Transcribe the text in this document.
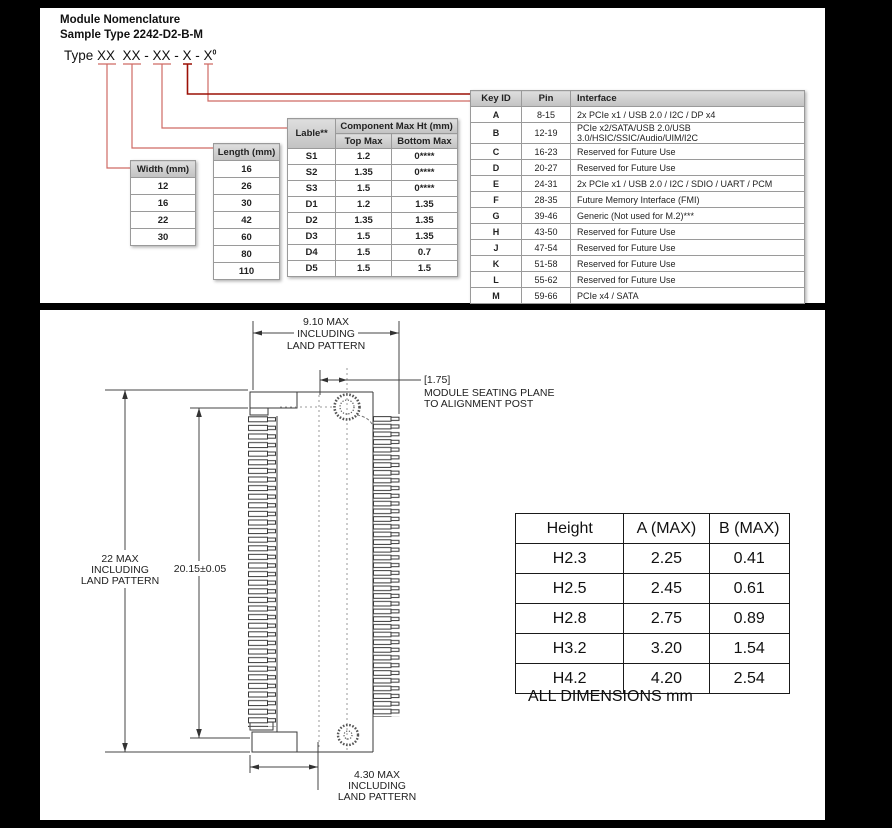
Module Nomenclature
Sample Type 2242-D2-B-M
Type XX  XX - XX - X - $X^0$
Width (mm)
12
16
22
30
Length (mm)
16
26
30
42
60
80
110
Lable**	Component Max Ht (mm)	
	Top Max	Bottom Max
S1	1.2	0****
S2	1.35	0****
S3	1.5	0****
D1	1.2	1.35
D2	1.35	1.35
D3	1.5	1.35
D4	1.5	0.7
D5	1.5	1.5
Key ID	Pin	Interface
A	8-15	2x PCIe x1 / USB 2.0 / I2C / DP x4
B	12-19	PCIe x2/SATA/USB 2.0/USB 3.0/HSIC/SSIC/Audio/UIM/I2C
C	16-23	Reserved for Future Use
D	20-27	Reserved for Future Use
E	24-31	2x PCIe x1 / USB 2.0 / I2C / SDIO / UART / PCM
F	28-35	Future Memory Interface (FMI)
G	39-46	Generic (Not used for M.2)***
H	43-50	Reserved for Future Use
J	47-54	Reserved for Future Use
K	51-58	Reserved for Future Use
L	55-62	Reserved for Future Use
M	59-66	PCIe x4 / SATA
9.10 MAX
INCLUDING
LAND PATTERN
[1.75]
MODULE SEATING PLANE
TO ALIGNMENT POST
22 MAX
INCLUDING
LAND PATTERN
20.15±0.05
4.30 MAX
INCLUDING
LAND PATTERN
Height	A (MAX)	B (MAX)
H2.3	2.25	0.41
H2.5	2.45	0.61
H2.8	2.75	0.89
H3.2	3.20	1.54
H4.2	4.20	2.54
ALL DIMENSIONS mm
